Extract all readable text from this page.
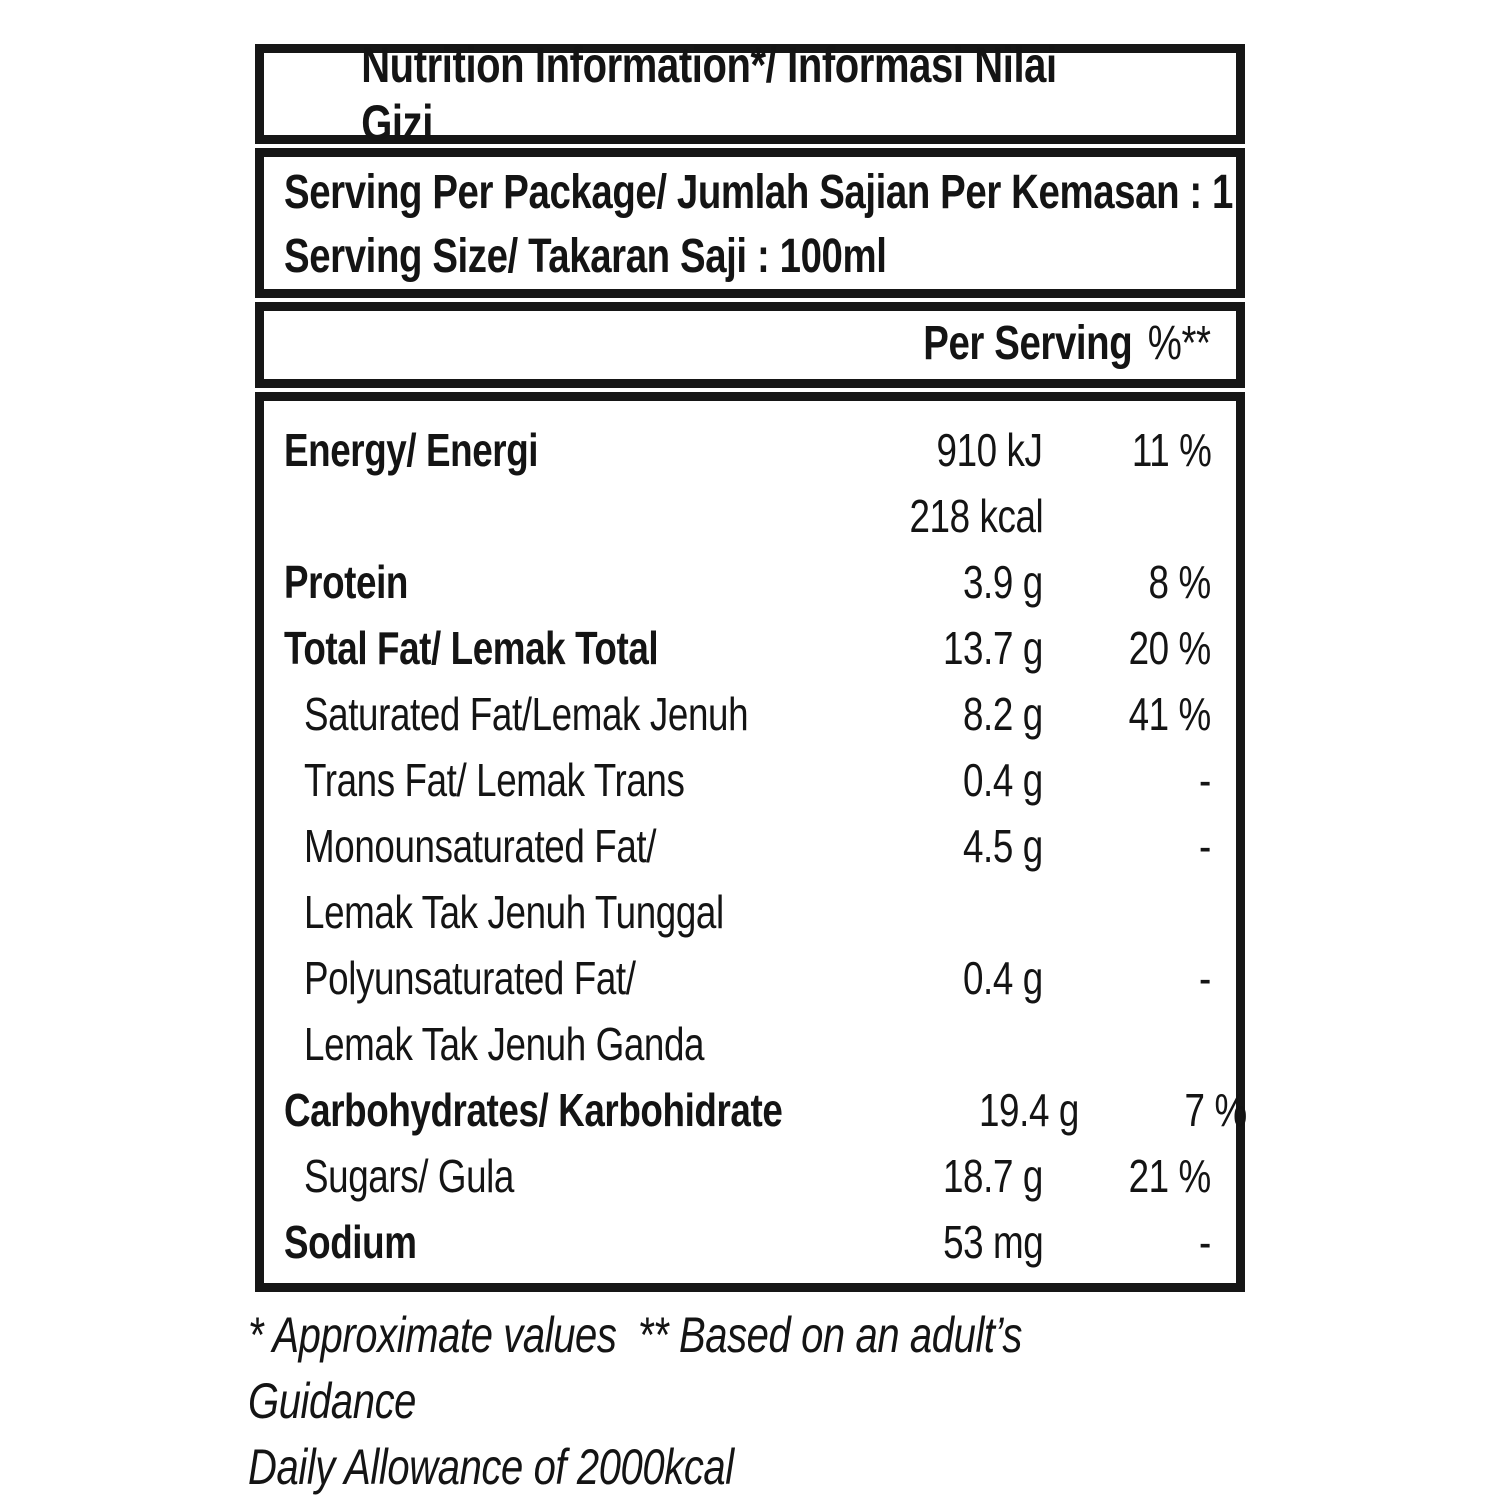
Nutrition Information*/ Informasi Nilai Gizi
Serving Per Package/ Jumlah Sajian Per Kemasan : 1
Serving Size/ Takaran Saji : 100ml
Per Serving %**
Energy/ Energi	910 kJ	11 %
218 kcal
Protein	3.9 g	8 %
Total Fat/ Lemak Total	13.7 g	20 %
Saturated Fat/Lemak Jenuh	8.2 g	41 %
Trans Fat/ Lemak Trans	0.4 g	-
Monounsaturated Fat/	4.5 g	-
Lemak Tak Jenuh Tunggal
Polyunsaturated Fat/	0.4 g	-
Lemak Tak Jenuh Ganda
Carbohydrates/ Karbohidrate	19.4 g	7 %
Sugars/ Gula	18.7 g	21 %
Sodium	53 mg	-
* Approximate values  ** Based on an adult’s Guidance
Daily Allowance of 2000kcal
